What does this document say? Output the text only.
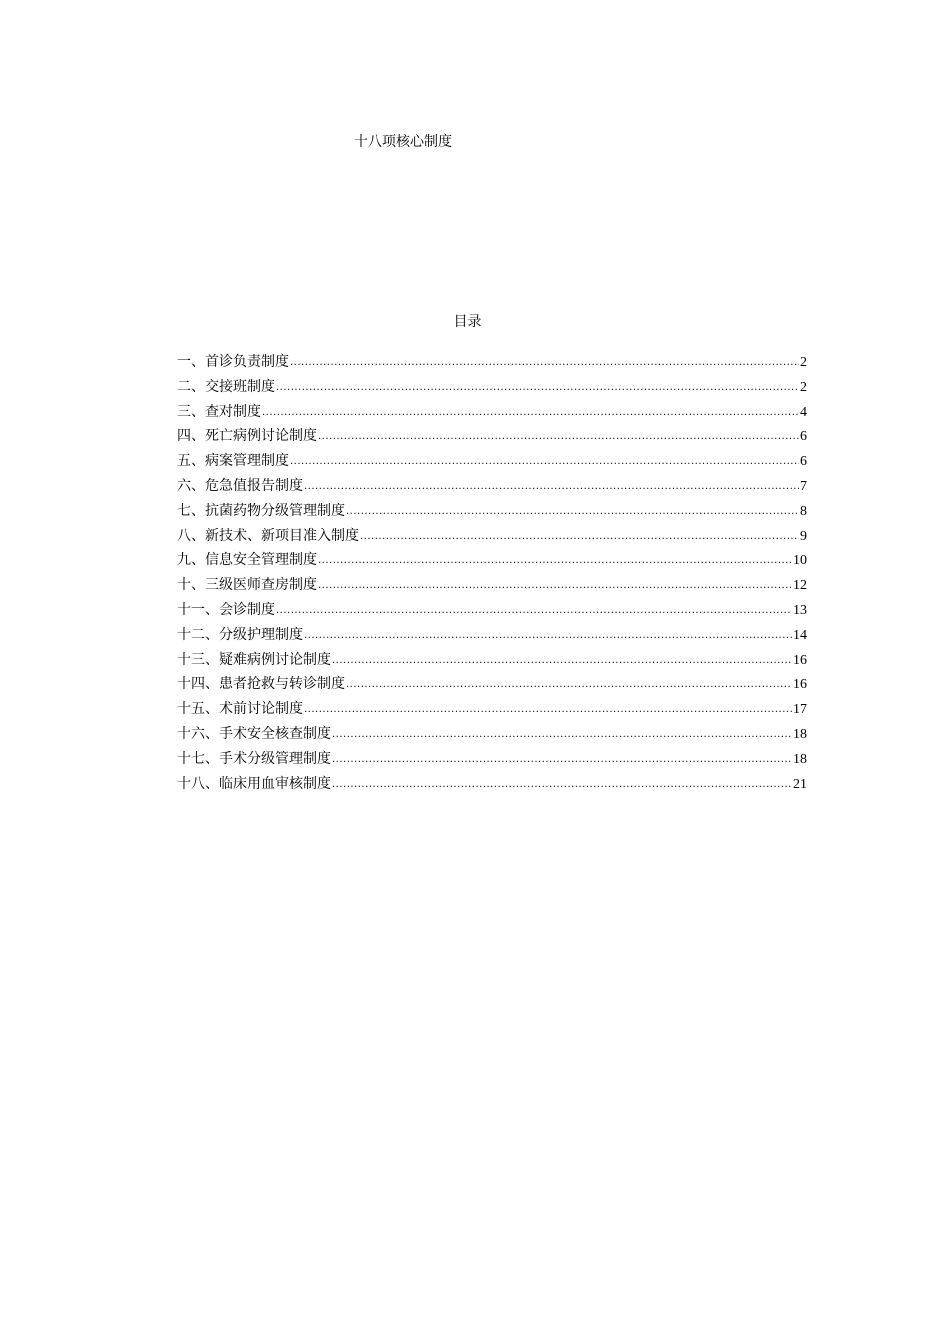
十八项核心制度
目录
一、首诊负责制度 .....	2
二、交接班制度 .....	2
三、查对制度 .....	4
四、死亡病例讨论制度 .....	6
五、病案管理制度 .....	6
六、危急值报告制度 .....	7
七、抗菌药物分级管理制度 .....	8
八、新技术、新项目准入制度 .....	9
九、信息安全管理制度 .....	10
十、三级医师查房制度 .....	12
十一、会诊制度 .....	13
十二、分级护理制度 .....	14
十三、疑难病例讨论制度 .....	16
十四、患者抢救与转诊制度 .....	16
十五、术前讨论制度 .....	17
十六、手术安全核查制度 .....	18
十七、手术分级管理制度 .....	18
十八、临床用血审核制度 .....	21
